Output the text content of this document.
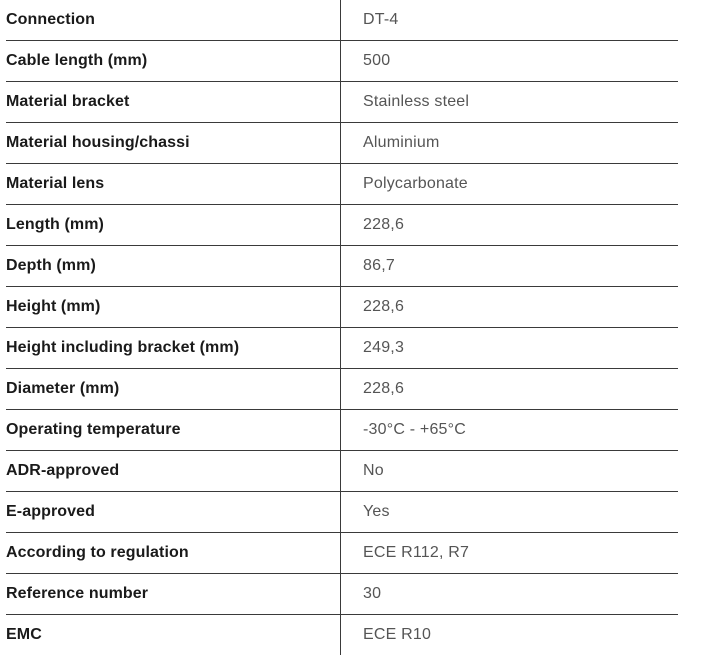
Connection	DT-4
Cable length (mm)	500
Material bracket	Stainless steel
Material housing/chassi	Aluminium
Material lens	Polycarbonate
Length (mm)	228,6
Depth (mm)	86,7
Height (mm)	228,6
Height including bracket (mm)	249,3
Diameter (mm)	228,6
Operating temperature	-30°C - +65°C
ADR-approved	No
E-approved	Yes
According to regulation	ECE R112, R7
Reference number	30
EMC	ECE R10
